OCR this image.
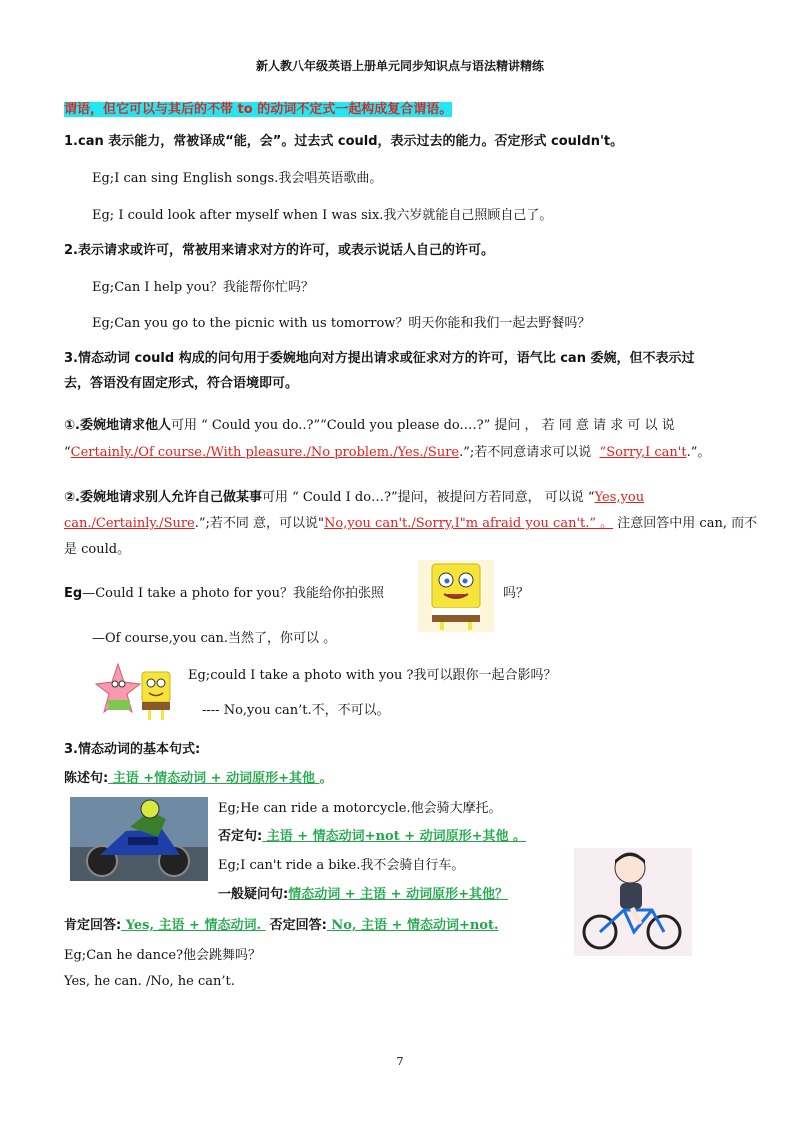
新人教八年级英语上册单元同步知识点与语法精讲精练
谓语，但它可以与其后的不带 to 的动词不定式一起构成复合谓语。
1.can 表示能力，常被译成“能，会”。过去式 could，表示过去的能力。否定形式 couldn't。
Eg;I can sing English songs.我会唱英语歌曲。
Eg; I could look after myself when I was six.我六岁就能自己照顾自己了。
2.表示请求或许可，常被用来请求对方的许可，或表示说话人自己的许可。
Eg;Can I help you？我能帮你忙吗？
Eg;Can you go to the picnic with us tomorrow？明天你能和我们一起去野餐吗？
3.情态动词 could 构成的问句用于委婉地向对方提出请求或征求对方的许可，语气比 can 委婉，但不表示过
去，答语没有固定形式，符合语境即可。
①.委婉地请求他人可用 “ Could you do..?”“Could you please do.…?” 提问 ， 若 同 意 请 求 可 以 说
“Certainly./Of course./With pleasure./No problem./Yes./Sure.”;若不同意请求可以说 “Sorry,I can't.”。
②.委婉地请求别人允许自己做某事可用 “ Could I do…?”提问，被提问方若同意， 可以说 “Yes,you
can./Certainly./Sure.”;若不同 意，可以说"No,you can't./Sorry,I"m afraid you can't.” 。 注意回答中用 can, 而不
是 could。
Eg—Could I take a photo for you？我能给你拍张照	吗？
—Of course,you can.当然了，你可以 。
Eg;could I take a photo with you ?我可以跟你一起合影吗？
---- No,you can’t.不，不可以。
3.情态动词的基本句式:
陈述句: 主语 +情态动词 + 动词原形+其他 。
Eg;He can ride a motorcycle.他会骑大摩托。
否定句: 主语 + 情态动词+not + 动词原形+其他 。
Eg;I can't ride a bike.我不会骑自行车。
一般疑问句:情态动词 + 主语 + 动词原形+其他？
肯定回答: Yes, 主语 + 情态动词.  否定回答: No, 主语 + 情态动词+not.
Eg;Can he dance?他会跳舞吗？
Yes, he can. /No, he can’t.
7
